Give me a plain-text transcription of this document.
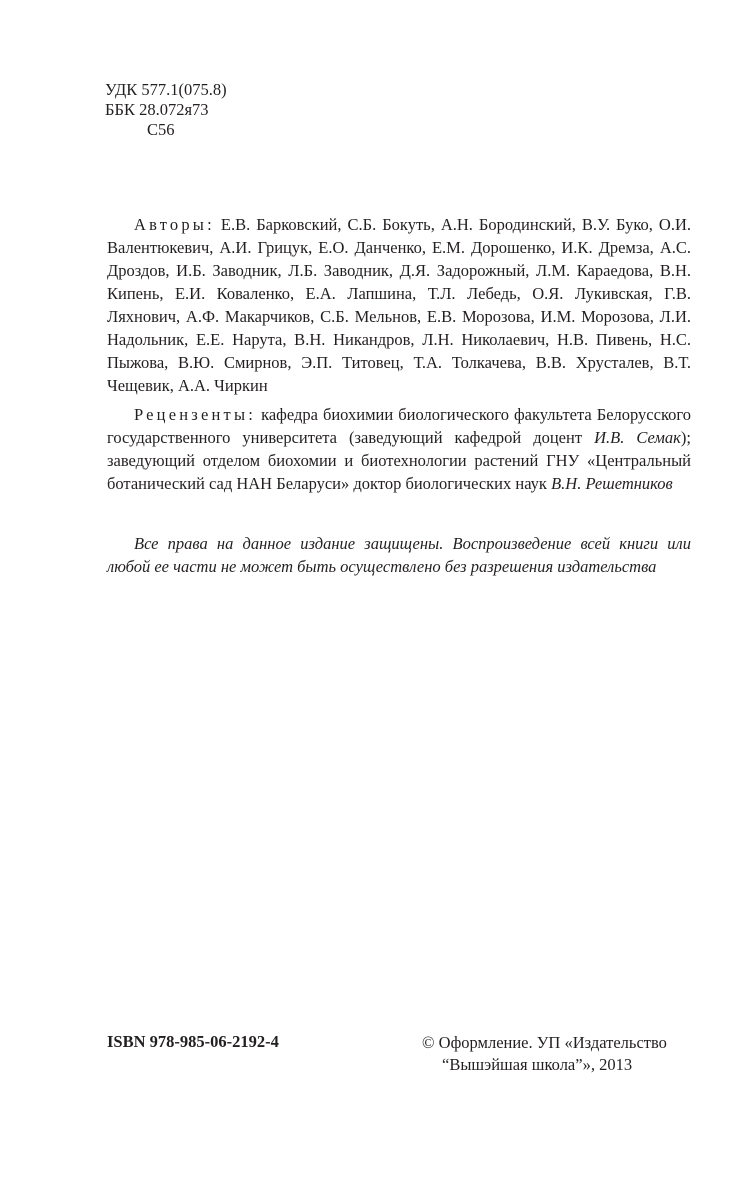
УДК 577.1(075.8)
ББК 28.072я73
С56

Авторы: Е.В. Барковский, С.Б. Бокуть, А.Н. Бородинский, В.У. Буко, О.И. Валентюкевич, А.И. Грицук, Е.О. Данченко, Е.М. Дорошенко, И.К. Дремза, А.С. Дроздов, И.Б. Заводник, Л.Б. Заводник, Д.Я. Задорожный, Л.М. Караедова, В.Н. Кипень, Е.И. Коваленко, Е.А. Лапшина, Т.Л. Лебедь, О.Я. Лукивская, Г.В. Ляхнович, А.Ф. Макарчиков, С.Б. Мельнов, Е.В. Морозова, И.М. Морозова, Л.И. Надольник, Е.Е. Нарута, В.Н. Никандров, Л.Н. Николаевич, Н.В. Пивень, Н.С. Пыжова, В.Ю. Смирнов, Э.П. Титовец, Т.А. Толкачева, В.В. Хрусталев, В.Т. Чещевик, А.А. Чиркин

Рецензенты: кафедра биохимии биологического факультета Белорусского государственного университета (заведующий кафедрой доцент И.В. Семак); заведующий отделом биохомии и биотехнологии растений ГНУ «Центральный ботанический сад НАН Беларуси» доктор биологических наук В.Н. Решетников

Все права на данное издание защищены. Воспроизведение всей книги или любой ее части не может быть осуществлено без разрешения издательства

ISBN 978-985-06-2192-4	© Оформление. УП «Издательство
“Вышэйшая школа”», 2013
